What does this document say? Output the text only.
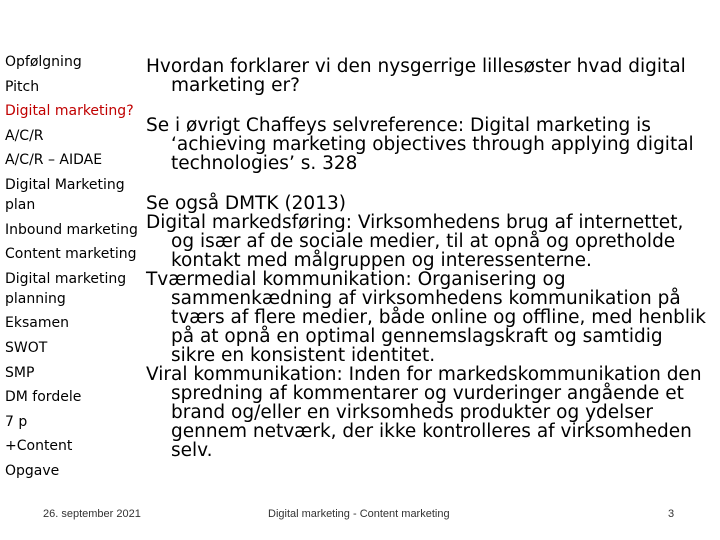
Opfølgning
Pitch
Digital marketing?
A/C/R
A/C/R – AIDAE
Digital Marketing plan
Inbound marketing
Content marketing
Digital marketing planning
Eksamen
SWOT
SMP
DM fordele
7 p
+Content
Opgave

Hvordan forklarer vi den nysgerrige lillesøster hvad digital marketing er?

Se i øvrigt Chaffeys selvreference: Digital marketing is ‘achieving marketing objectives through applying digital technologies’ s. 328

Se også DMTK (2013)

Digital markedsføring: Virksomhedens brug af internettet, og især af de sociale medier, til at opnå og opretholde kontakt med målgruppen og interessenterne.

Tværmedial kommunikation: Organisering og sammenkædning af virksomhedens kommunikation på tværs af flere medier, både online og offline, med henblik på at opnå en optimal gennemslagskraft og samtidig sikre en konsistent identitet.

Viral kommunikation: Inden for markedskommunikation den spredning af kommentarer og vurderinger angående et brand og/eller en virksomheds produkter og ydelser gennem netværk, der ikke kontrolleres af virksomheden selv.

26. september 2021	Digital marketing - Content marketing	3
